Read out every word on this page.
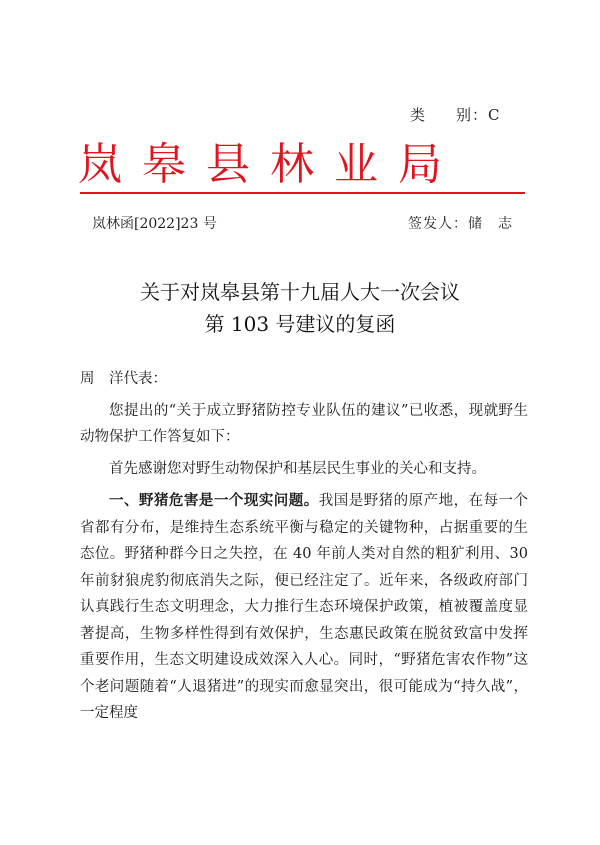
类 别：C
岚皋县林业局
岚林函[2022]23 号	签发人：储　志
关于对岚皋县第十九届人大一次会议
第 103 号建议的复函

周　洋代表：

您提出的“关于成立野猪防控专业队伍的建议”已收悉，现就野生动物保护工作答复如下：

首先感谢您对野生动物保护和基层民生事业的关心和支持。

一、野猪危害是一个现实问题。我国是野猪的原产地，在每一个省都有分布，是维持生态系统平衡与稳定的关键物种，占据重要的生态位。野猪种群今日之失控，在 40 年前人类对自然的粗犷利用、30 年前豺狼虎豹彻底消失之际，便已经注定了。近年来，各级政府部门认真践行生态文明理念，大力推行生态环境保护政策，植被覆盖度显著提高，生物多样性得到有效保护，生态惠民政策在脱贫致富中发挥重要作用，生态文明建设成效深入人心。同时，“野猪危害农作物”这个老问题随着“人退猪进”的现实而愈显突出，很可能成为“持久战”，一定程度
